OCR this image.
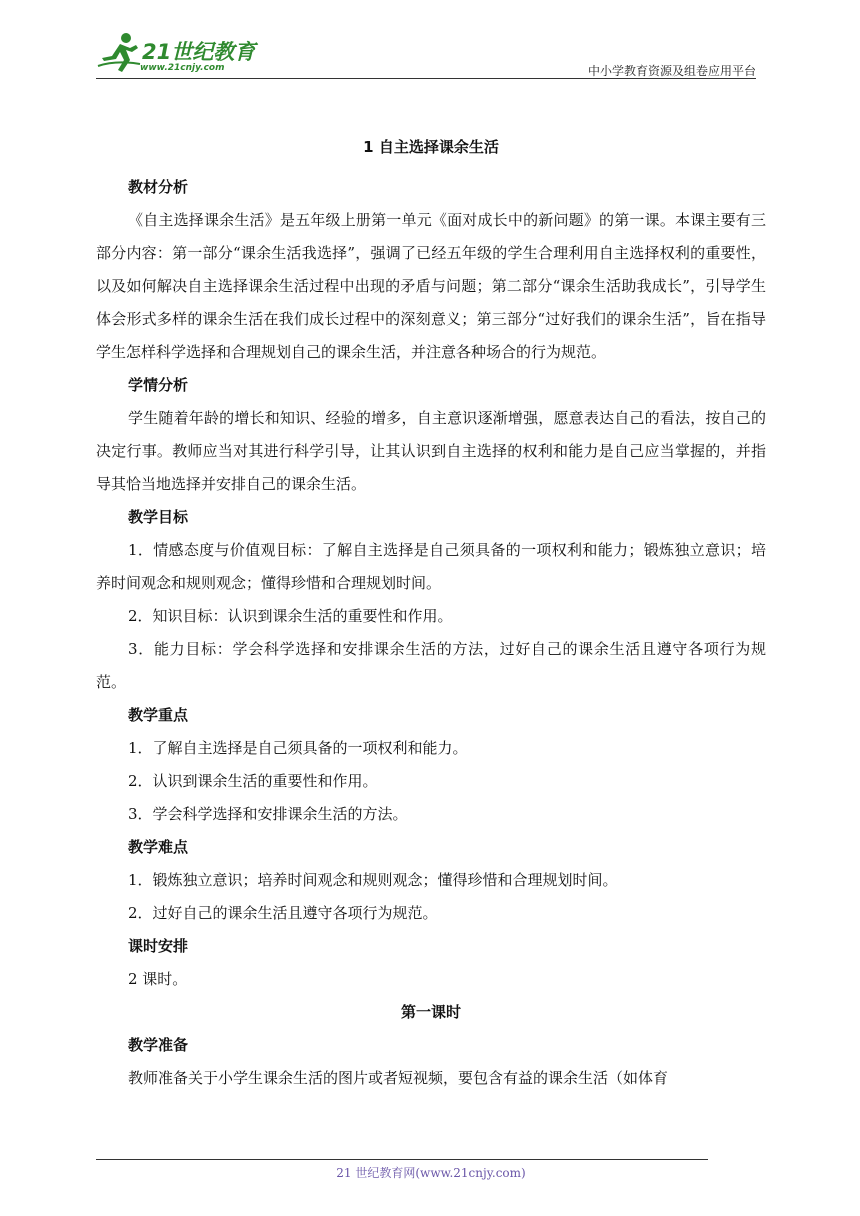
21世纪教育
www.21cnjy.com	中小学教育资源及组卷应用平台

1 自主选择课余生活

教材分析

《自主选择课余生活》是五年级上册第一单元《面对成长中的新问题》的第一课。本课主要有三部分内容：第一部分“课余生活我选择”，强调了已经五年级的学生合理利用自主选择权利的重要性，以及如何解决自主选择课余生活过程中出现的矛盾与问题；第二部分“课余生活助我成长”，引导学生体会形式多样的课余生活在我们成长过程中的深刻意义；第三部分“过好我们的课余生活”，旨在指导学生怎样科学选择和合理规划自己的课余生活，并注意各种场合的行为规范。

学情分析

学生随着年龄的增长和知识、经验的增多，自主意识逐渐增强，愿意表达自己的看法，按自己的决定行事。教师应当对其进行科学引导，让其认识到自主选择的权利和能力是自己应当掌握的，并指导其恰当地选择并安排自己的课余生活。

教学目标

1．情感态度与价值观目标：了解自主选择是自己须具备的一项权利和能力；锻炼独立意识；培养时间观念和规则观念；懂得珍惜和合理规划时间。

2．知识目标：认识到课余生活的重要性和作用。

3．能力目标：学会科学选择和安排课余生活的方法，过好自己的课余生活且遵守各项行为规范。

教学重点

1．了解自主选择是自己须具备的一项权利和能力。

2．认识到课余生活的重要性和作用。

3．学会科学选择和安排课余生活的方法。

教学难点

1．锻炼独立意识；培养时间观念和规则观念；懂得珍惜和合理规划时间。

2．过好自己的课余生活且遵守各项行为规范。

课时安排

2 课时。

第一课时

教学准备

教师准备关于小学生课余生活的图片或者短视频，要包含有益的课余生活（如体育

21 世纪教育网(www.21cnjy.com)
